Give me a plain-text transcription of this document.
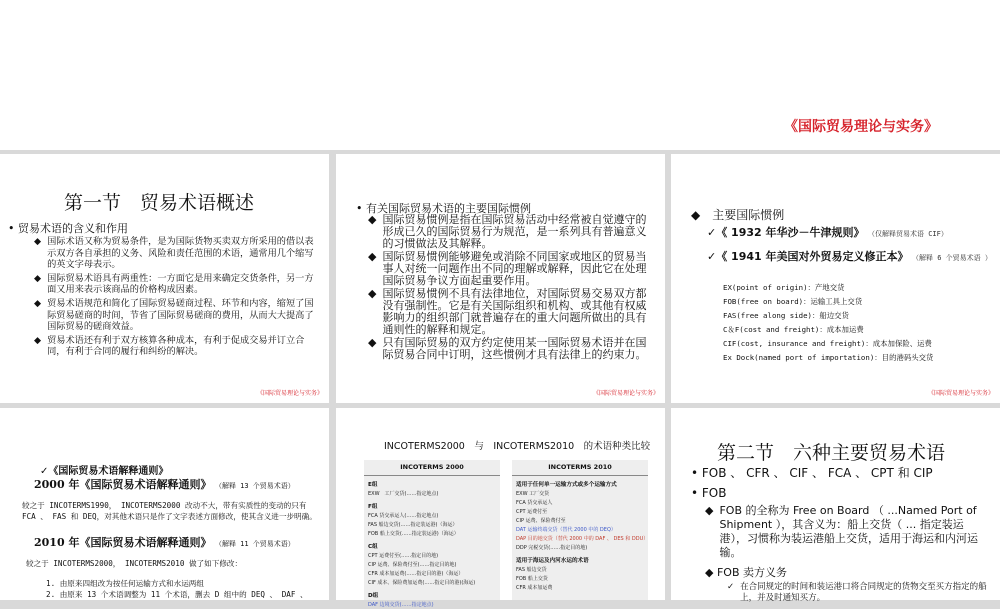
《国际贸易理论与实务》
第一节　贸易术语概述
• 贸易术语的含义和作用
◆ 国际术语又称为贸易条件，是为国际货物买卖双方所采用的借以表示双方各自承担的义务、风险和责任范围的术语，通常用几个缩写的英文字母表示。
◆ 国际贸易术语具有两重性：一方面它是用来确定交货条件，另一方面又用来表示该商品的价格构成因素。
◆ 贸易术语规范和简化了国际贸易磋商过程、环节和内容，缩短了国际贸易磋商的时间，节省了国际贸易磋商的费用，从而大大提高了国际贸易的磋商效益。
◆ 贸易术语还有利于双方核算各种成本，有利于促成交易并订立合同，有利于合同的履行和纠纷的解决。
《国际贸易理论与实务》
• 有关国际贸易术语的主要国际惯例
◆ 国际贸易惯例是指在国际贸易活动中经常被自觉遵守的形成已久的国际贸易行为规范，是一系列具有普遍意义的习惯做法及其解释。
◆ 国际贸易惯例能够避免或消除不同国家或地区的贸易当事人对统一问题作出不同的理解或解释，因此它在处理国际贸易争议方面起重要作用。
◆ 国际贸易惯例不具有法律地位，对国际贸易交易双方都没有强制性。它是有关国际组织和机构、或其他有权威影响力的组织部门就普遍存在的重大问题所做出的具有通则性的解释和规定。
◆ 只有国际贸易的双方约定使用某一国际贸易术语并在国际贸易合同中订明，这些惯例才具有法律上的约束力。
《国际贸易理论与实务》
◆　 主要国际惯例
✓《 1932 年华沙－牛津规则》 （仅解释贸易术语 CIF）
✓《 1941 年美国对外贸易定义修正本》 （解释 6 个贸易术语 ）
EX(point of origin)：产地交货
FOB(free on board)：运输工具上交货
FAS(free along side)：船边交货
C＆F(cost and freight)：成本加运费
CIF(cost, insurance and freight)：成本加保险、运费
Ex Dock(named port of importation)：目的港码头交货
《国际贸易理论与实务》
✓《国际贸易术语解释通则》
2000 年《国际贸易术语解释通则》 （解释 13 个贸易术语）
较之于 INCOTERMS1990， INCOTERMS2000 改动不大，带有实质性的变动的只有 FCA 、 FAS 和 DEQ，对其他术语只是作了文字表述方面修改，使其含义进一步明确。
2010 年《国际贸易术语解释通则》 （解释 11 个贸易术语）
较之于 INCOTERMS2000， INCOTERMS2010 做了如下修改：
1. 由原来四组改为按任何运输方式和水运两组
2. 由原来 13 个术语调整为 11 个术语，删去 D 组中的 DEQ 、 DAF 、
INCOTERMS2000　与　INCOTERMS2010　的术语种类比较
INCOTERMS 2000
E组
EXW　工厂交货(……指定地点)
F组
FCA 货交承运人(……指定地点)
FAS 船边交货(……指定装运港)（海运）
FOB 船上交货(……指定装运港)（海运）
C组
CPT 运费付至(……指定目的地)
CIP 运费、保险费付至(……指定目的地)
CFR 成本加运费(……指定目的港)（海运）
CIF 成本、保险费加运费(……指定目的港)(海运)
D组
DAF 边境交货(……指定地点)
INCOTERMS 2010
适用于任何单一运输方式或多个运输方式
EXW 工厂交货
FCA 货交承运人
CPT 运费付至
CIP 运费、保险费付至
DAT 运输终端交货（替代 2000 中的 DEQ）
DAP 目的地交货（替代 2000 中的 DAF 、 DES 和 DDU）
DDP 完税交货(……指定目的地)
适用于海运及内河水运的术语
FAS 船边交货
FOB 船上交货
CFR 成本加运费
第二节　六种主要贸易术语
• FOB 、 CFR 、 CIF 、 FCA 、 CPT 和 CIP
• FOB
◆ FOB 的全称为 Free on Board （ ...Named Port of Shipment ），其含义为：船上交货（ ... 指定装运港），习惯称为装运港船上交货，适用于海运和内河运输。
◆ FOB 卖方义务
✓ 在合同规定的时间和装运港口将合同规定的货物交至买方指定的船上，并及时通知买方。
